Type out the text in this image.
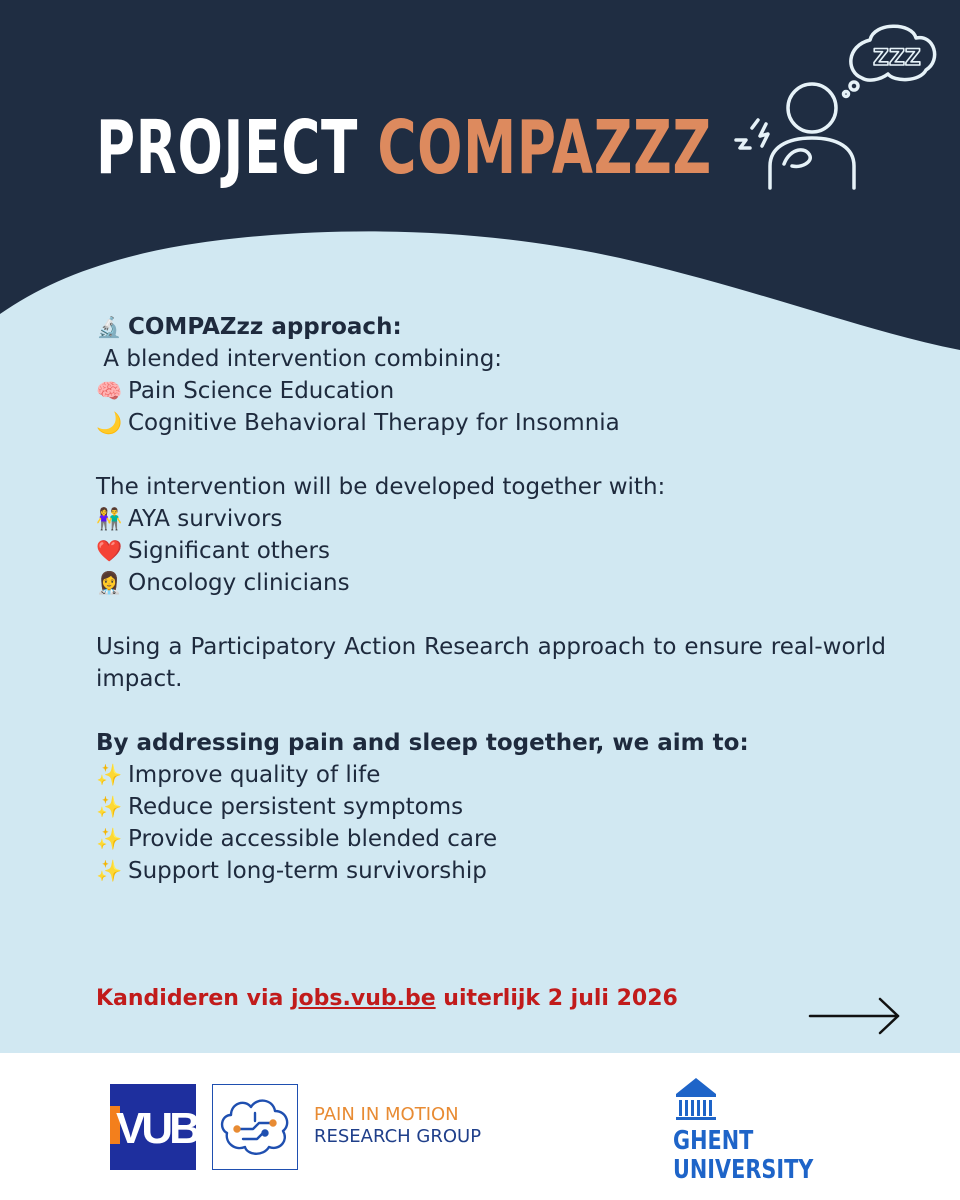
PROJECT COMPAZZZ
ZZZ
🔬 COMPAZzz approach:
A blended intervention combining:
🧠 Pain Science Education
🌙 Cognitive Behavioral Therapy for Insomnia
The intervention will be developed together with:
👫 AYA survivors
❤️ Significant others
👩‍⚕️ Oncology clinicians
Using a Participatory Action Research approach to ensure real-world impact.
By addressing pain and sleep together, we aim to:
✨ Improve quality of life
✨ Reduce persistent symptoms
✨ Provide accessible blended care
✨ Support long-term survivorship
Kandideren via jobs.vub.be uiterlijk 2 juli 2026
VUB	PAIN IN MOTION
RESEARCH GROUP	GHENT
UNIVERSITY
